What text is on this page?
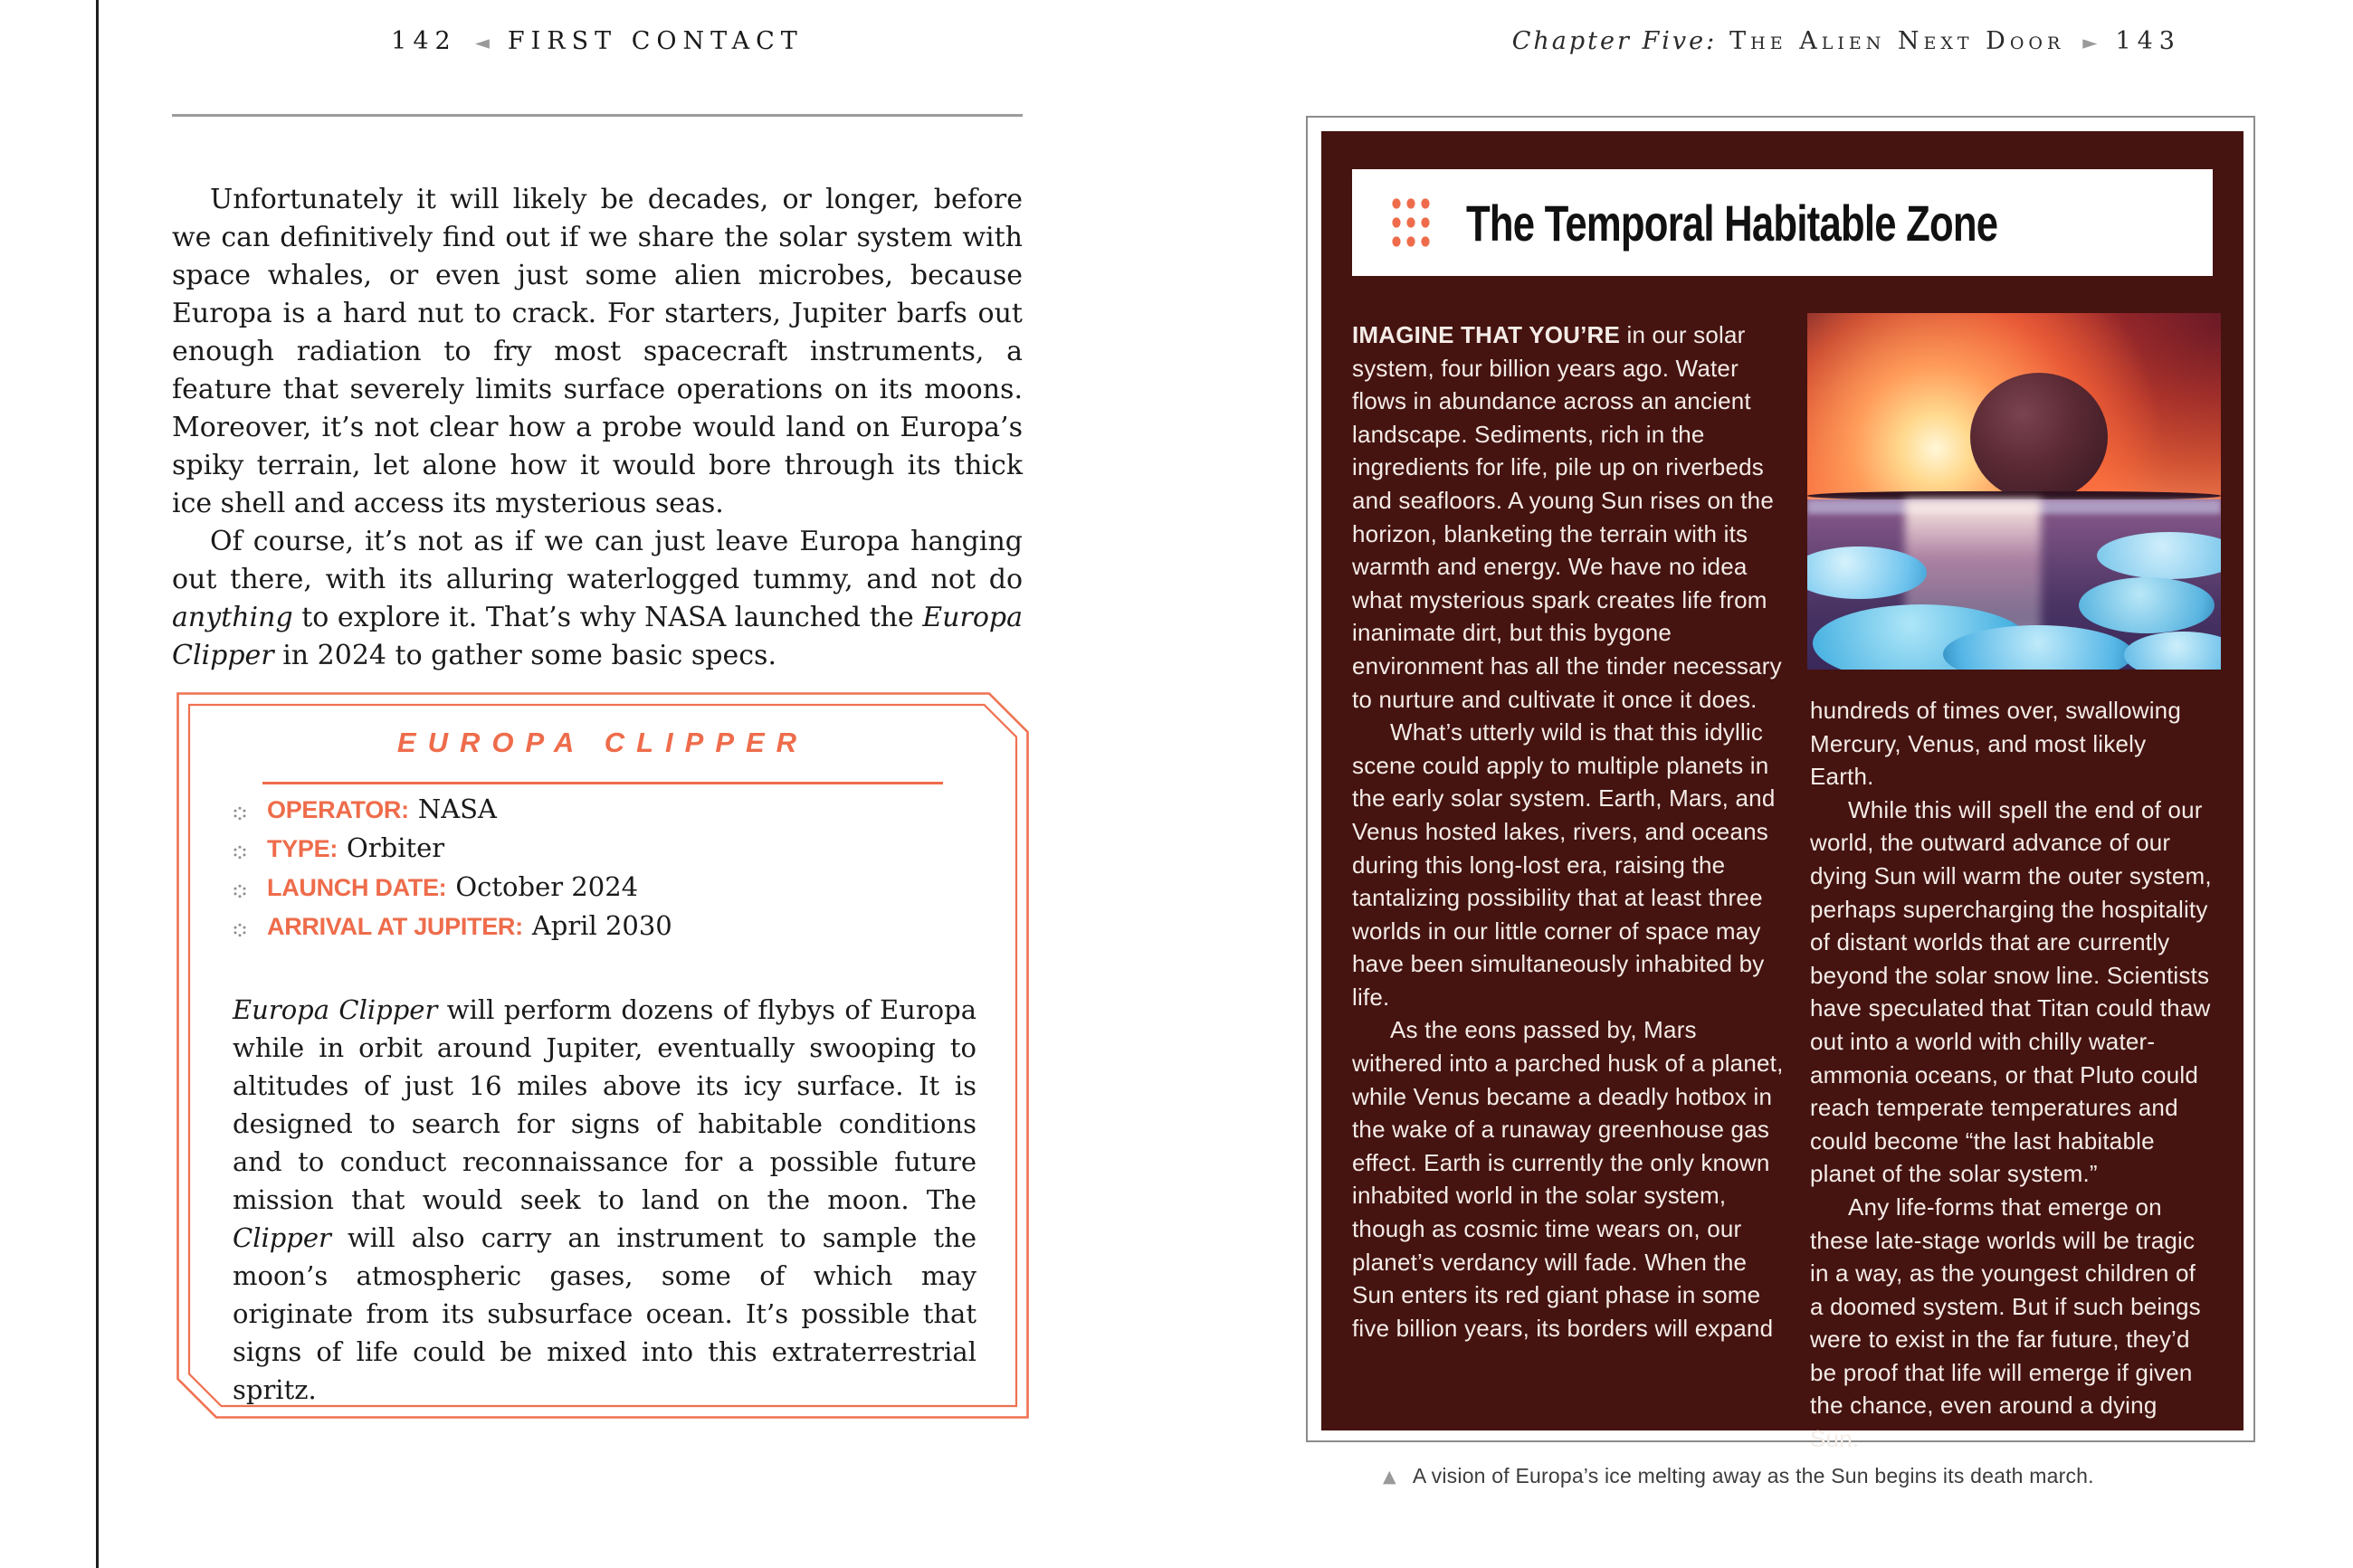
142 ◄ FIRST CONTACT

Unfortunately it will likely be decades, or longer, before we can definitively find out if we share the solar system with space whales, or even just some alien microbes, because Europa is a hard nut to crack. For starters, Jupiter barfs out enough radiation to fry most spacecraft instruments, a feature that severely limits surface operations on its moons. Moreover, it’s not clear how a probe would land on Europa’s spiky terrain, let alone how it would bore through its thick ice shell and access its mysterious seas.

Of course, it’s not as if we can just leave Europa hanging out there, with its alluring waterlogged tummy, and not do anything to explore it. That’s why NASA launched the Europa Clipper in 2024 to gather some basic specs.

EUROPA CLIPPER
OPERATOR: NASA
TYPE: Orbiter
LAUNCH DATE: October 2024
ARRIVAL AT JUPITER: April 2030
Europa Clipper will perform dozens of flybys of Europa while in orbit around Jupiter, eventually swooping to altitudes of just 16 miles above its icy surface. It is designed to search for signs of habitable conditions and to conduct reconnaissance for a possible future mission that would seek to land on the moon. The Clipper will also carry an instrument to sample the moon’s atmospheric gases, some of which may originate from its subsurface ocean. It’s possible that signs of life could be mixed into this extraterrestrial spritz.
Chapter Five: The Alien Next Door ► 143
The Temporal Habitable Zone

IMAGINE THAT YOU’RE in our solar system, four billion years ago. Water flows in abundance across an ancient landscape. Sediments, rich in the ingredients for life, pile up on riverbeds and seafloors. A young Sun rises on the horizon, blanketing the terrain with its warmth and energy. We have no idea what mysterious spark creates life from inanimate dirt, but this bygone environment has all the tinder necessary to nurture and cultivate it once it does.

What’s utterly wild is that this idyllic scene could apply to multiple planets in the early solar system. Earth, Mars, and Venus hosted lakes, rivers, and oceans during this long-lost era, raising the tantalizing possibility that at least three worlds in our little corner of space may have been simultaneously inhabited by life.

As the eons passed by, Mars withered into a parched husk of a planet, while Venus became a deadly hotbox in the wake of a runaway greenhouse gas effect. Earth is currently the only known inhabited world in the solar system, though as cosmic time wears on, our planet’s verdancy will fade. When the Sun enters its red giant phase in some five billion years, its borders will expand

hundreds of times over, swallowing Mercury, Venus, and most likely Earth.

While this will spell the end of our world, the outward advance of our dying Sun will warm the outer system, perhaps supercharging the hospitality of distant worlds that are currently beyond the solar snow line. Scientists have speculated that Titan could thaw out into a world with chilly water-ammonia oceans, or that Pluto could reach temperate temperatures and could become “the last habitable planet of the solar system.”

Any life-forms that emerge on these late-stage worlds will be tragic in a way, as the youngest children of a doomed system. But if such beings were to exist in the far future, they’d be proof that life will emerge if given the chance, even around a dying Sun.

▲ A vision of Europa’s ice melting away as the Sun begins its death march.
